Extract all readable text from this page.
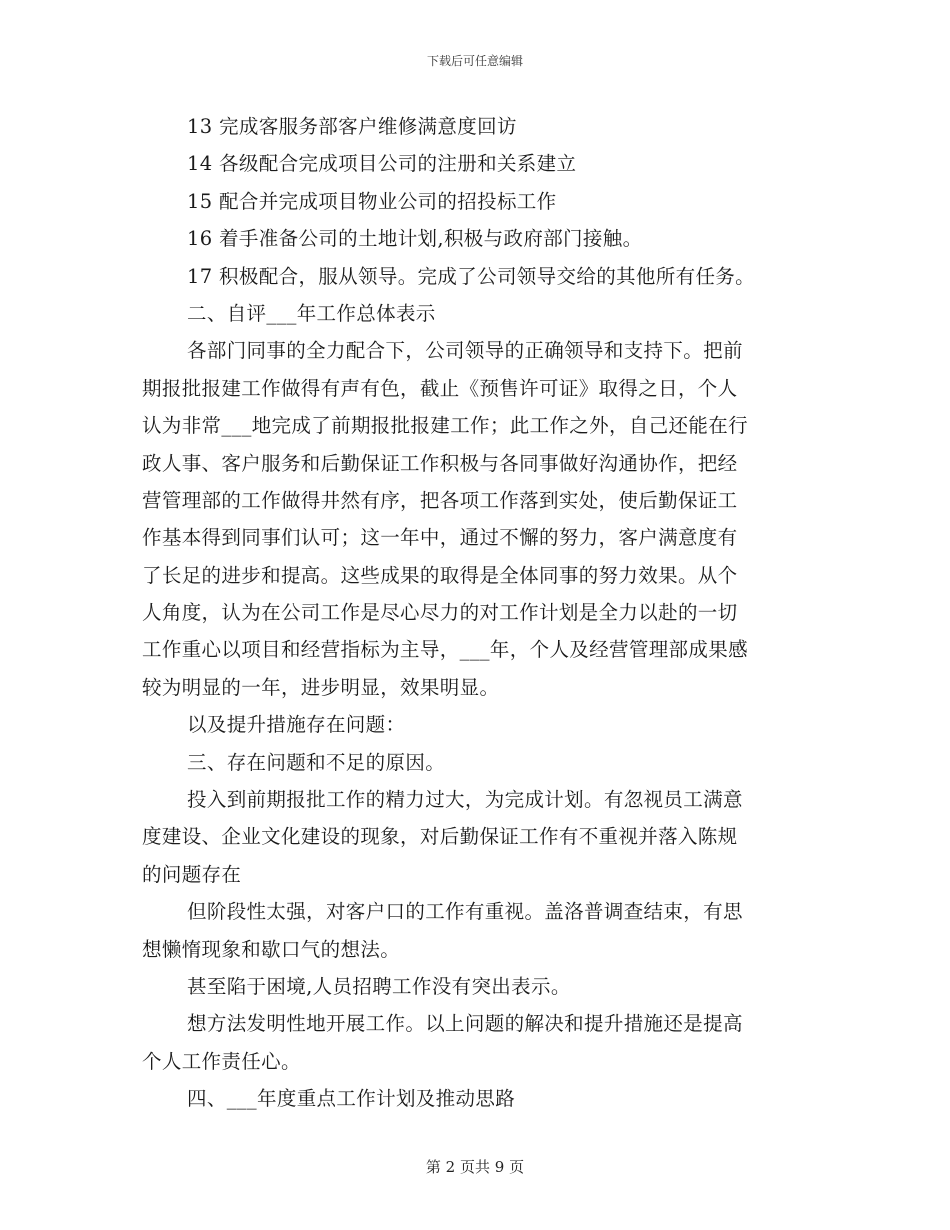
下载后可任意编辑
13 完成客服务部客户维修满意度回访
14 各级配合完成项目公司的注册和关系建立
15 配合并完成项目物业公司的招投标工作
16 着手准备公司的土地计划,积极与政府部门接触。
17 积极配合，服从领导。完成了公司领导交给的其他所有任务。
二、自评___年工作总体表示
各部门同事的全力配合下，公司领导的正确领导和支持下。把前
期报批报建工作做得有声有色，截止《预售许可证》取得之日，个人
认为非常___地完成了前期报批报建工作；此工作之外，自己还能在行
政人事、客户服务和后勤保证工作积极与各同事做好沟通协作，把经
营管理部的工作做得井然有序，把各项工作落到实处，使后勤保证工
作基本得到同事们认可；这一年中，通过不懈的努力，客户满意度有
了长足的进步和提高。这些成果的取得是全体同事的努力效果。从个
人角度，认为在公司工作是尽心尽力的对工作计划是全力以赴的一切
工作重心以项目和经营指标为主导，___年，个人及经营管理部成果感
较为明显的一年，进步明显，效果明显。
以及提升措施存在问题：
三、存在问题和不足的原因。
投入到前期报批工作的精力过大，为完成计划。有忽视员工满意
度建设、企业文化建设的现象，对后勤保证工作有不重视并落入陈规
的问题存在
但阶段性太强，对客户口的工作有重视。盖洛普调查结束，有思
想懒惰现象和歇口气的想法。
甚至陷于困境,人员招聘工作没有突出表示。
想方法发明性地开展工作。以上问题的解决和提升措施还是提高
个人工作责任心。
四、___年度重点工作计划及推动思路
第 2 页共 9 页
